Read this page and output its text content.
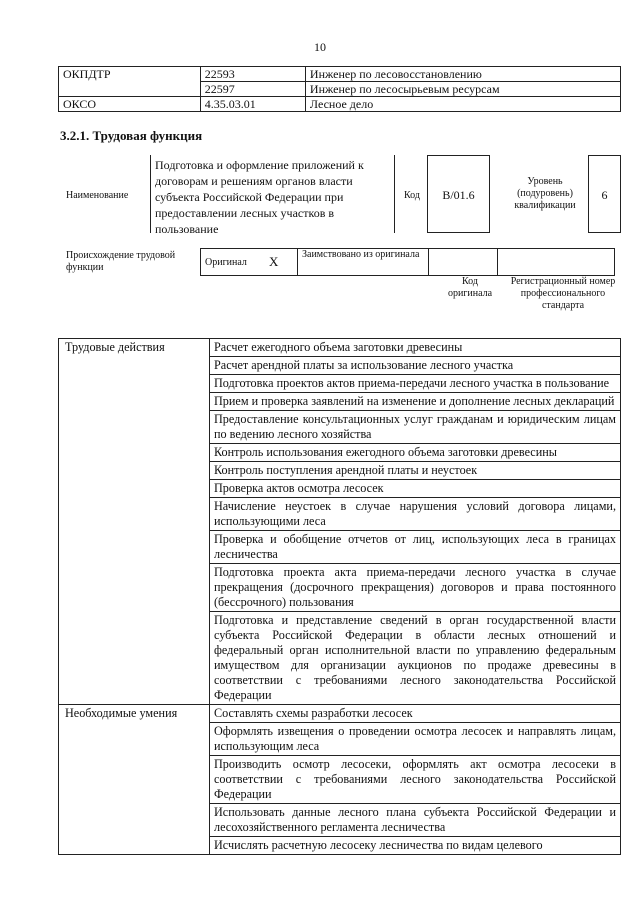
10
ОКПДТР	22593	Инженер по лесовосстановлению
	22597	Инженер по лесосырьевым ресурсам
ОКСО	4.35.03.01	Лесное дело
3.2.1. Трудовая функция
Наименование
Подготовка и оформление приложений к договорам и решениям органов власти субъекта Российской Федерации при предоставлении лесных участков в пользование
Код	B/01.6
Уровень (подуровень) квалификации
6
Происхождение трудовой функции	Оригинал	X	Заимствовано из оригинала		
Код оригинала
Регистрационный номер профессионального стандарта
Трудовые действия	Расчет ежегодного объема заготовки древесины
	Расчет арендной платы за использование лесного участка
	Подготовка проектов актов приема-передачи лесного участка в пользование
	Прием и проверка заявлений на изменение и дополнение лесных деклараций
	Предоставление консультационных услуг гражданам и юридическим лицам по ведению лесного хозяйства
	Контроль использования ежегодного объема заготовки древесины
	Контроль поступления арендной платы и неустоек
	Проверка актов осмотра лесосек
	Начисление неустоек в случае нарушения условий договора лицами, использующими леса
	Проверка и обобщение отчетов от лиц, использующих леса в границах лесничества
	Подготовка проекта акта приема-передачи лесного участка в случае прекращения (досрочного прекращения) договоров и права постоянного (бессрочного) пользования
	Подготовка и представление сведений в орган государственной власти субъекта Российской Федерации в области лесных отношений и федеральный орган исполнительной власти по управлению федеральным имуществом для организации аукционов по продаже древесины в соответствии с требованиями лесного законодательства Российской Федерации
Необходимые умения	Составлять схемы разработки лесосек
	Оформлять извещения о проведении осмотра лесосек и направлять лицам, использующим леса
	Производить осмотр лесосеки, оформлять акт осмотра лесосеки в соответствии с требованиями лесного законодательства Российской Федерации
	Использовать данные лесного плана субъекта Российской Федерации и лесохозяйственного регламента лесничества
	Исчислять расчетную лесосеку лесничества по видам целевого
